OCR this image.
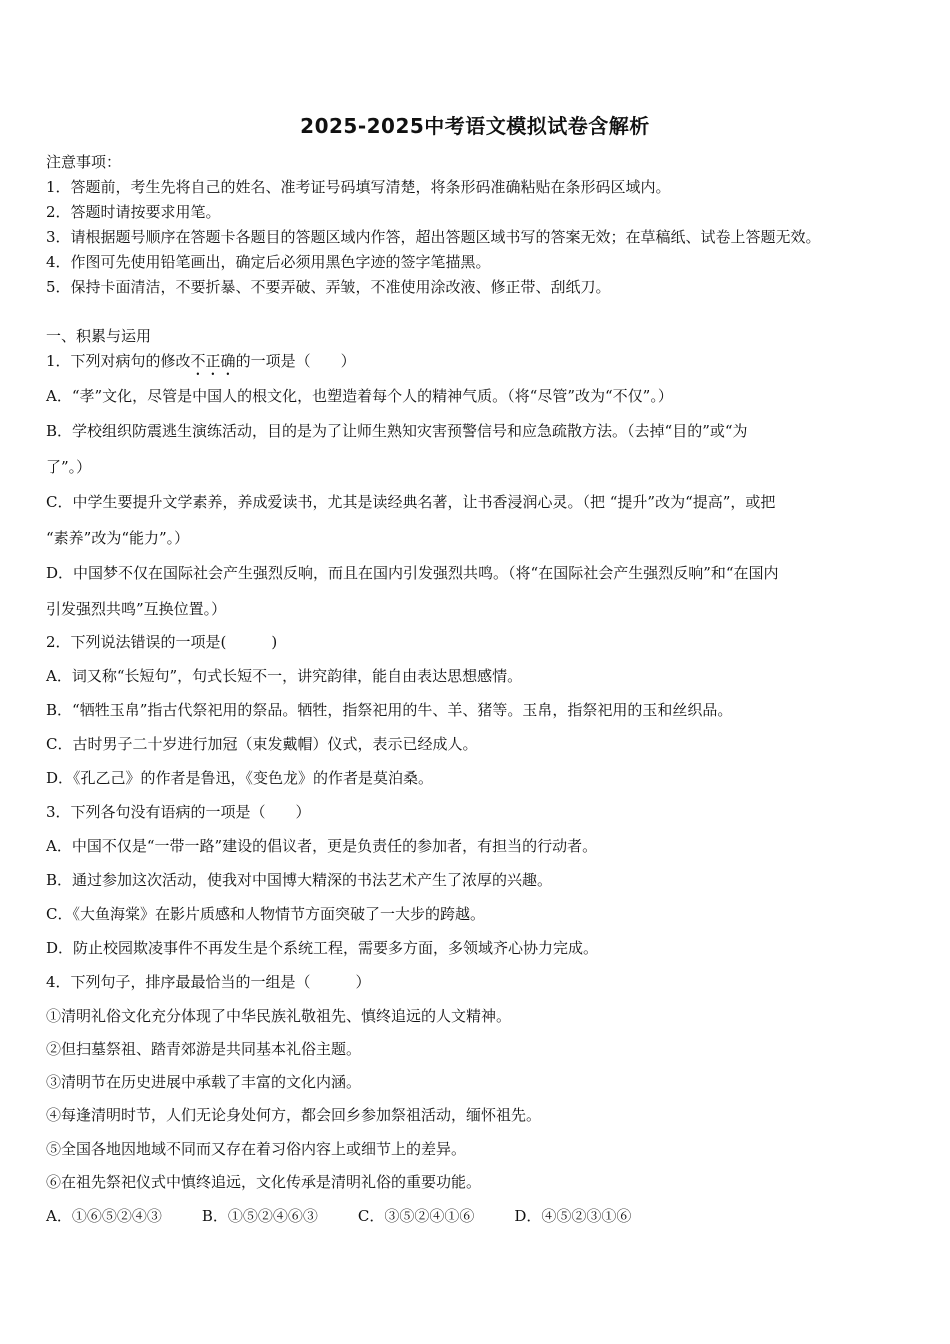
2025-2025中考语文模拟试卷含解析
注意事项：
1．答题前，考生先将自己的姓名、准考证号码填写清楚，将条形码准确粘贴在条形码区域内。
2．答题时请按要求用笔。
3．请根据题号顺序在答题卡各题目的答题区域内作答，超出答题区域书写的答案无效；在草稿纸、试卷上答题无效。
4．作图可先使用铅笔画出，确定后必须用黑色字迹的签字笔描黑。
5．保持卡面清洁，不要折暴、不要弄破、弄皱，不准使用涂改液、修正带、刮纸刀。
一、积累与运用
1．下列对病句的修改不正确的一项是（　　）
A．“孝”文化，尽管是中国人的根文化，也塑造着每个人的精神气质。（将“尽管”改为“不仅”。）
B．学校组织防震逃生演练活动，目的是为了让师生熟知灾害预警信号和应急疏散方法。（去掉“目的”或“为
了”。）
C．中学生要提升文学素养，养成爱读书，尤其是读经典名著，让书香浸润心灵。（把 “提升”改为“提高”，或把
“素养”改为“能力”。）
D．中国梦不仅在国际社会产生强烈反响，而且在国内引发强烈共鸣。（将“在国际社会产生强烈反响”和“在国内
引发强烈共鸣”互换位置。）
2．下列说法错误的一项是(　　　)
A．词又称“长短句”，句式长短不一，讲究韵律，能自由表达思想感情。
B．“牺牲玉帛”指古代祭祀用的祭品。牺牲，指祭祀用的牛、羊、猪等。玉帛，指祭祀用的玉和丝织品。
C．古时男子二十岁进行加冠（束发戴帽）仪式，表示已经成人。
D．《孔乙己》的作者是鲁迅，《变色龙》的作者是莫泊桑。
3．下列各句没有语病的一项是（　　）
A．中国不仅是“一带一路”建设的倡议者，更是负责任的参加者，有担当的行动者。
B．通过参加这次活动，使我对中国博大精深的书法艺术产生了浓厚的兴趣。
C．《大鱼海棠》在影片质感和人物情节方面突破了一大步的跨越。
D．防止校园欺凌事件不再发生是个系统工程，需要多方面，多领域齐心协力完成。
4．下列句子，排序最最恰当的一组是（　　　）
①清明礼俗文化充分体现了中华民族礼敬祖先、慎终追远的人文精神。
②但扫墓祭祖、踏青郊游是共同基本礼俗主题。
③清明节在历史进展中承载了丰富的文化内涵。
④每逢清明时节，人们无论身处何方，都会回乡参加祭祖活动，缅怀祖先。
⑤全国各地因地域不同而又存在着习俗内容上或细节上的差异。
⑥在祖先祭祀仪式中慎终追远，文化传承是清明礼俗的重要功能。
A．①⑥⑤②④③	B．①⑤②④⑥③	C．③⑤②④①⑥	D．④⑤②③①⑥
